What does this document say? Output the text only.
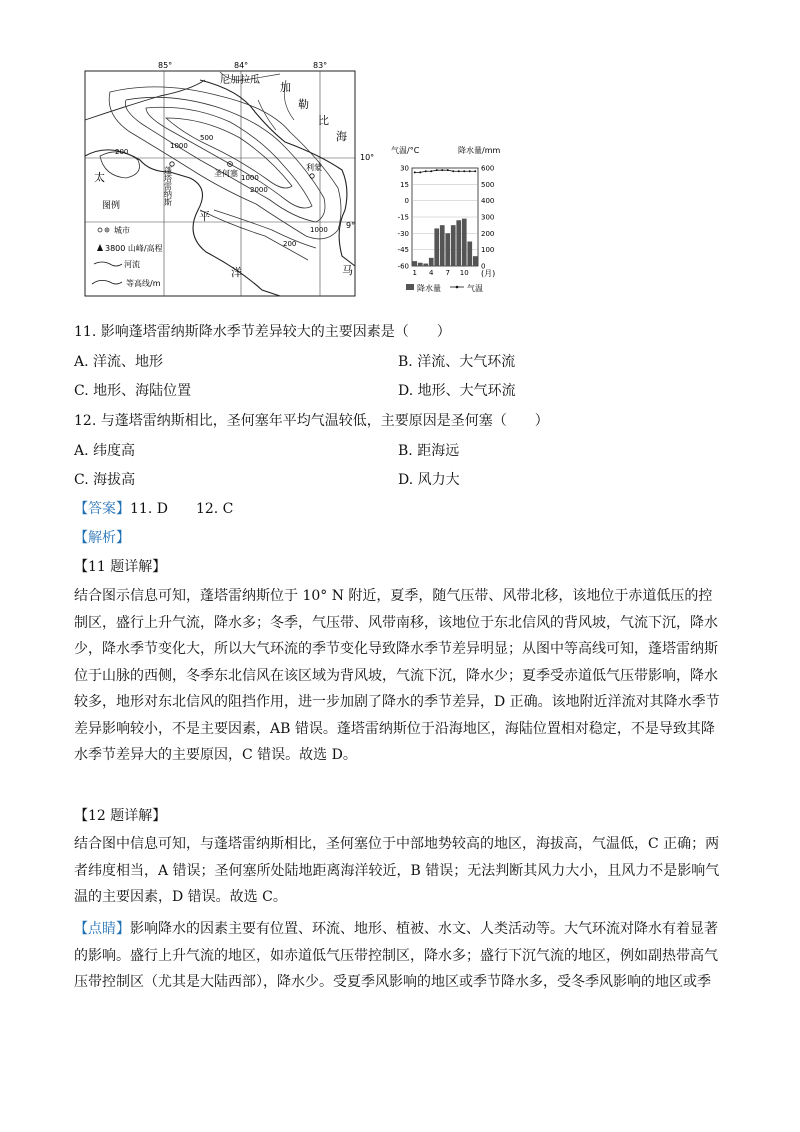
85°	84°	83°
200
200
500
1000
1000
1000
2000
尼加拉瓜
加
勒
比
海
10°
9°
太
平
洋	马
蓬塔雷纳斯	圣何塞
利蒙
图例
城市
3800 山峰/高程
河流
等高线/m
气温/°C	降水量/mm
30
15
0
-15
-30
-45
-60
600
500
400
300
200
100
0
1 4 7 10 (月)
降水量	气温
11. 影响蓬塔雷纳斯降水季节差异较大的主要因素是（　　）
A. 洋流、地形	B. 洋流、大气环流
C. 地形、海陆位置	D. 地形、大气环流
12. 与蓬塔雷纳斯相比，圣何塞年平均气温较低，主要原因是圣何塞（　　）
A. 纬度高	B. 距海远
C. 海拔高	D. 风力大
【答案】11. D　　12. C
【解析】
【11 题详解】
结合图示信息可知，蓬塔雷纳斯位于 10° N 附近，夏季，随气压带、风带北移，该地位于赤道低压的控制区，盛行上升气流，降水多；冬季，气压带、风带南移，该地位于东北信风的背风坡，气流下沉，降水少，降水季节变化大，所以大气环流的季节变化导致降水季节差异明显；从图中等高线可知，蓬塔雷纳斯位于山脉的西侧，冬季东北信风在该区域为背风坡，气流下沉，降水少；夏季受赤道低气压带影响，降水较多，地形对东北信风的阻挡作用，进一步加剧了降水的季节差异，D 正确。该地附近洋流对其降水季节差异影响较小，不是主要因素，AB 错误。蓬塔雷纳斯位于沿海地区，海陆位置相对稳定，不是导致其降水季节差异大的主要原因，C 错误。故选 D。
【12 题详解】
结合图中信息可知，与蓬塔雷纳斯相比，圣何塞位于中部地势较高的地区，海拔高，气温低，C 正确；两者纬度相当，A 错误；圣何塞所处陆地距离海洋较近，B 错误；无法判断其风力大小，且风力不是影响气温的主要因素，D 错误。故选 C。
【点睛】影响降水的因素主要有位置、环流、地形、植被、水文、人类活动等。大气环流对降水有着显著的影响。盛行上升气流的地区，如赤道低气压带控制区，降水多；盛行下沉气流的地区，例如副热带高气压带控制区（尤其是大陆西部），降水少。受夏季风影响的地区或季节降水多，受冬季风影响的地区或季
